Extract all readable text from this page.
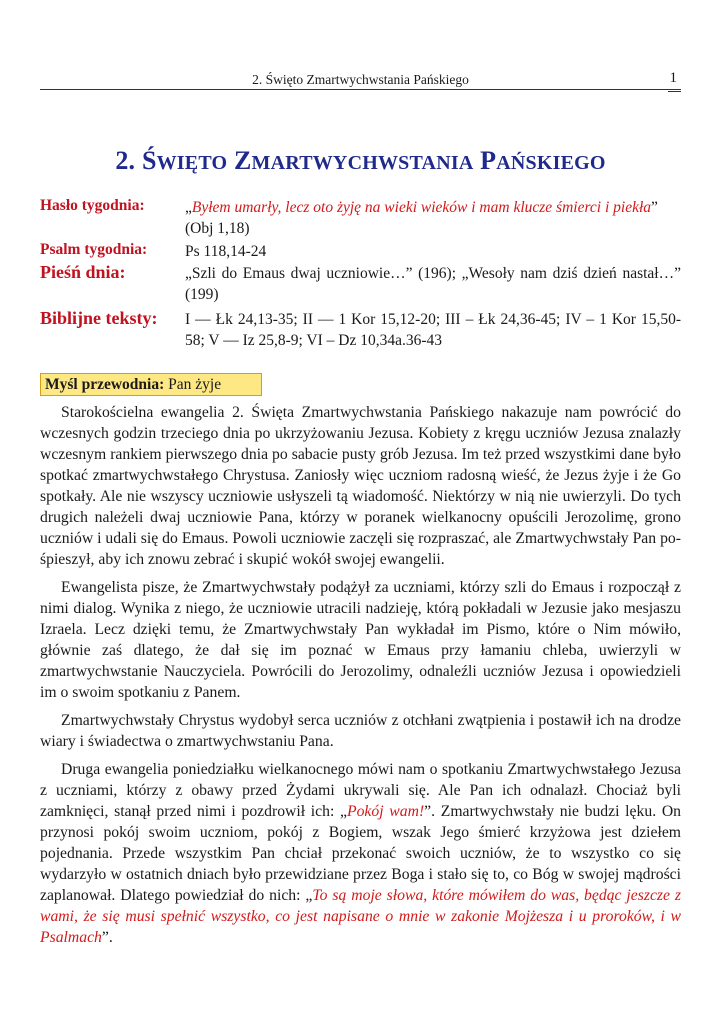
2. Święto Zmartwychwstania Pańskiego	1
2. ŚWIĘTO ZMARTWYCHWSTANIA PAŃSKIEGO
Hasło tygodnia:	„Byłem umarły, lecz oto żyję na wieki wieków i mam klucze śmierci i piekła”
(Obj 1,18)
Psalm tygodnia: Ps 118,14-24
Pieśń dnia:	„Szli do Emaus dwaj uczniowie…” (196); „Wesoły nam dziś dzień nastał…” (199)
Biblijne teksty: I — Łk 24,13-35; II — 1 Kor 15,12-20; III – Łk 24,36-45; IV – 1 Kor 15,50-58; V — Iz 25,8-9; VI – Dz 10,34a.36-43
Myśl przewodnia: Pan żyje

Starokościelna ewangelia 2. Święta Zmartwychwstania Pańskiego nakazuje nam powrócić do wczesnych godzin trzeciego dnia po ukrzyżowaniu Jezusa. Kobiety z kręgu uczniów Jezusa znalazły wczesnym rankiem pierwszego dnia po sabacie pusty grób Jezusa. Im też przed wszystkimi dane było spotkać zmartwychwstałego Chrystusa. Zaniosły więc uczniom radosną wieść, że Jezus żyje i że Go spotkały. Ale nie wszyscy uczniowie usłyszeli tą wiadomość. Niektórzy w nią nie uwierzyli. Do tych drugich należeli dwaj uczniowie Pana, którzy w poranek wielkanocny opuścili Jerozolimę, grono uczniów i udali się do Emaus. Powoli uczniowie zaczęli się rozpraszać, ale Zmartwychwstały Pan pośpieszył, aby ich znowu zebrać i skupić wokół swojej ewangelii.

Ewangelista pisze, że Zmartwychwstały podążył za uczniami, którzy szli do Emaus i rozpoczął z nimi dialog. Wynika z niego, że uczniowie utracili nadzieję, którą pokładali w Jezusie jako mesjaszu Izraela. Lecz dzięki temu, że Zmartwychwstały Pan wykładał im Pismo, które o Nim mówiło, głównie zaś dlatego, że dał się im poznać w Emaus przy łamaniu chleba, uwierzyli w zmartwychwstanie Nauczyciela. Powrócili do Jerozolimy, odnaleźli uczniów Jezusa i opowiedzieli im o swoim spotkaniu z Panem.

Zmartwychwstały Chrystus wydobył serca uczniów z otchłani zwątpienia i postawił ich na drodze wiary i świadectwa o zmartwychwstaniu Pana.

Druga ewangelia poniedziałku wielkanocnego mówi nam o spotkaniu Zmartwychwstałego Jezusa z uczniami, którzy z obawy przed Żydami ukrywali się. Ale Pan ich odnalazł. Chociaż byli zamknięci, stanął przed nimi i pozdrowił ich: „Pokój wam!”. Zmartwychwstały nie budzi lęku. On przynosi pokój swoim uczniom, pokój z Bogiem, wszak Jego śmierć krzyżowa jest dziełem pojednania. Przede wszystkim Pan chciał przekonać swoich uczniów, że to wszystko co się wydarzyło w ostatnich dniach było przewidziane przez Boga i stało się to, co Bóg w swojej mądrości zaplanował. Dlatego powiedział do nich: „To są moje słowa, które mówiłem do was, będąc jeszcze z wami, że się musi spełnić wszystko, co jest napisane o mnie w zakonie Mojżesza i u proroków, i w Psalmach”.
